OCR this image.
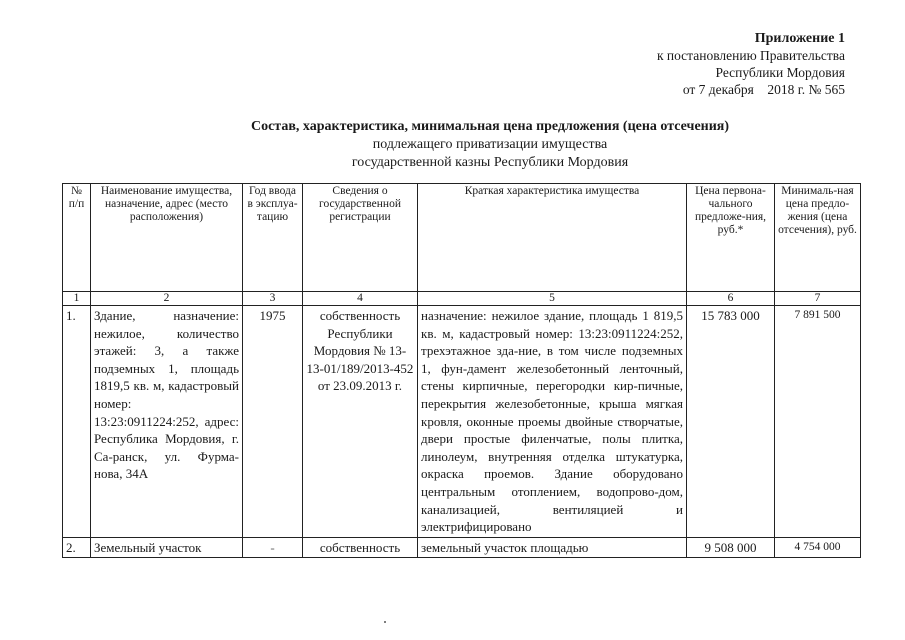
Приложение 1
к постановлению Правительства
Республики Мордовия
от 7 декабря 2018 г. № 565
Состав, характеристика, минимальная цена предложения (цена отсечения)
подлежащего приватизации имущества
государственной казны Республики Мордовия
№ п/п	Наименование имущества, назначение, адрес (место расположения)	Год ввода в эксплуа-тацию	Сведения о государственной регистрации	Краткая характеристика имущества	Цена первона-чального предложе-ния, руб.*	Минималь-ная цена предло-жения (цена отсечения), руб.
1	2	3	4	5	6	7
1.	Здание, назначение: нежилое, количество этажей: 3, а также подземных 1, площадь 1819,5 кв. м, кадастровый номер: 13:23:0911224:252, адрес: Республика Мордовия, г. Са-ранск, ул. Фурма-нова, 34А	1975	собственность Республики Мордовия № 13-13-01/189/2013-452 от 23.09.2013 г.	назначение: нежилое здание, площадь 1 819,5 кв. м, кадастровый номер: 13:23:0911224:252, трехэтажное зда-ние, в том числе подземных 1, фун-дамент железобетонный ленточный, стены кирпичные, перегородки кир-пичные, перекрытия железобетонные, крыша мягкая кровля, оконные проемы двойные створчатые, двери простые филенчатые, полы плитка, линолеум, внутренняя отделка штукатурка, окраска проемов. Здание оборудовано центральным отоплением, водопрово-дом, канализацией, вентиляцией и электрифицировано	15 783 000	7 891 500
2.	Земельный участок	-	собственность	земельный участок площадью	9 508 000	4 754 000
